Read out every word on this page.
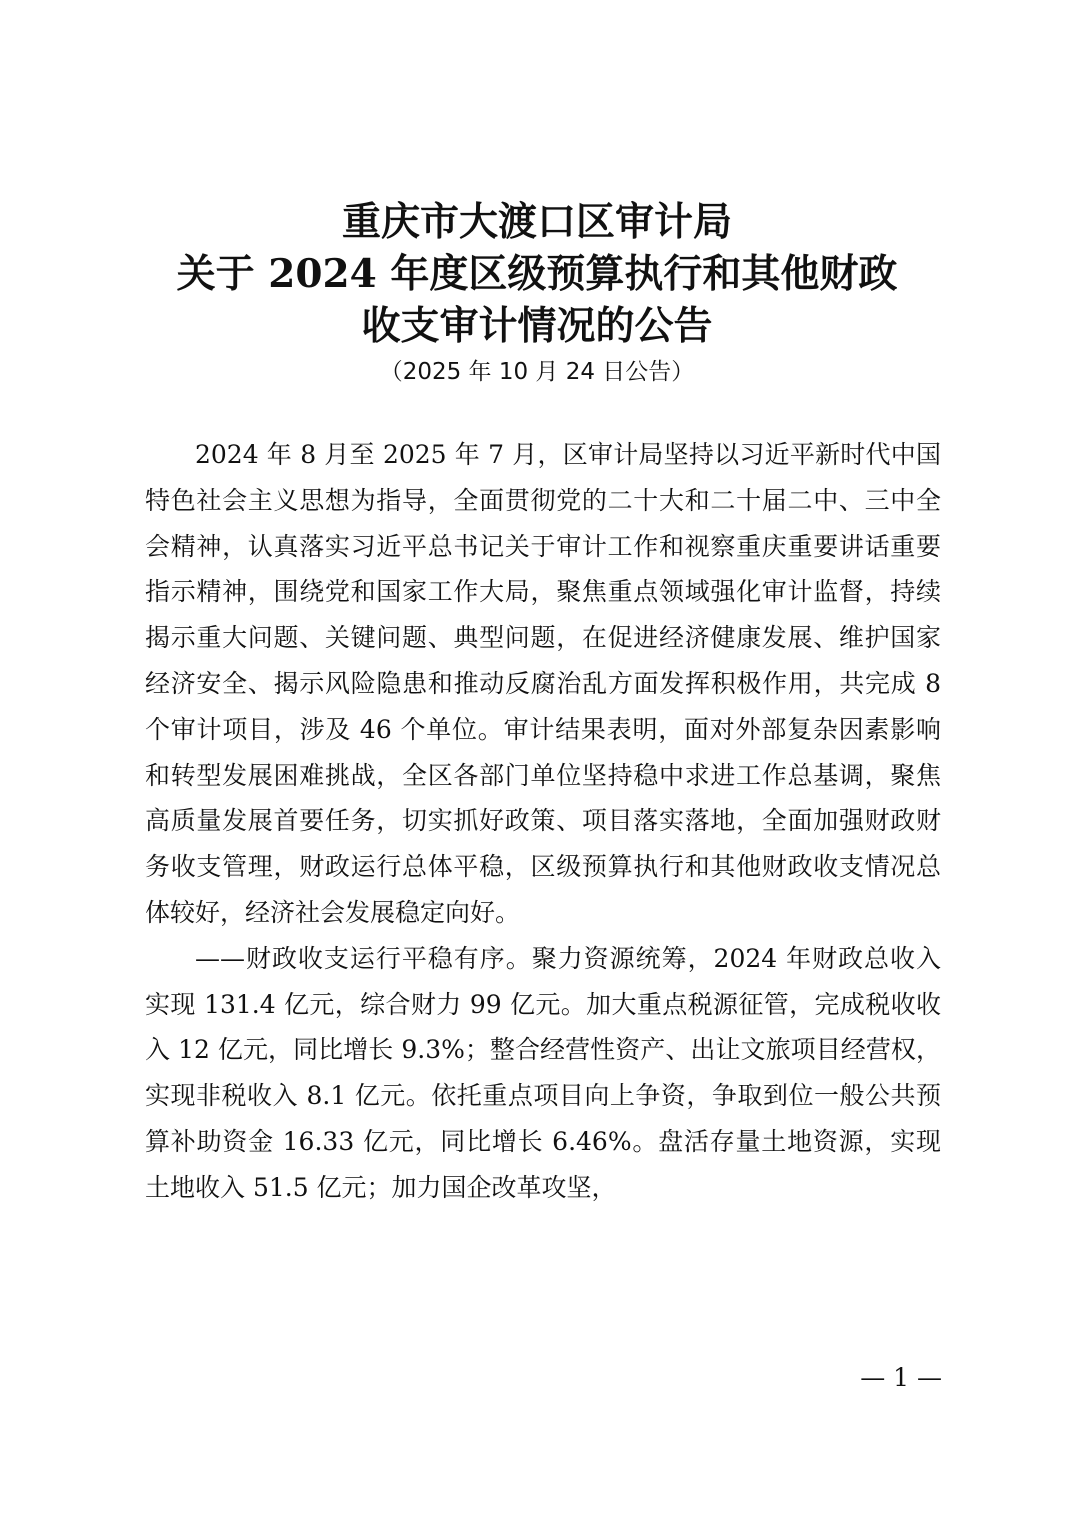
重庆市大渡口区审计局
关于 2024 年度区级预算执行和其他财政
收支审计情况的公告
（2025 年 10 月 24 日公告）

2024 年 8 月至 2025 年 7 月，区审计局坚持以习近平新时代中国特色社会主义思想为指导，全面贯彻党的二十大和二十届二中、三中全会精神，认真落实习近平总书记关于审计工作和视察重庆重要讲话重要指示精神，围绕党和国家工作大局，聚焦重点领域强化审计监督，持续揭示重大问题、关键问题、典型问题，在促进经济健康发展、维护国家经济安全、揭示风险隐患和推动反腐治乱方面发挥积极作用，共完成 8 个审计项目，涉及 46 个单位。审计结果表明，面对外部复杂因素影响和转型发展困难挑战，全区各部门单位坚持稳中求进工作总基调，聚焦高质量发展首要任务，切实抓好政策、项目落实落地，全面加强财政财务收支管理，财政运行总体平稳，区级预算执行和其他财政收支情况总体较好，经济社会发展稳定向好。

——财政收支运行平稳有序。聚力资源统筹，2024 年财政总收入实现 131.4 亿元，综合财力 99 亿元。加大重点税源征管，完成税收收入 12 亿元，同比增长 9.3%；整合经营性资产、出让文旅项目经营权，实现非税收入 8.1 亿元。依托重点项目向上争资，争取到位一般公共预算补助资金 16.33 亿元，同比增长 6.46%。盘活存量土地资源，实现土地收入 51.5 亿元；加力国企改革攻坚，

— 1 —
